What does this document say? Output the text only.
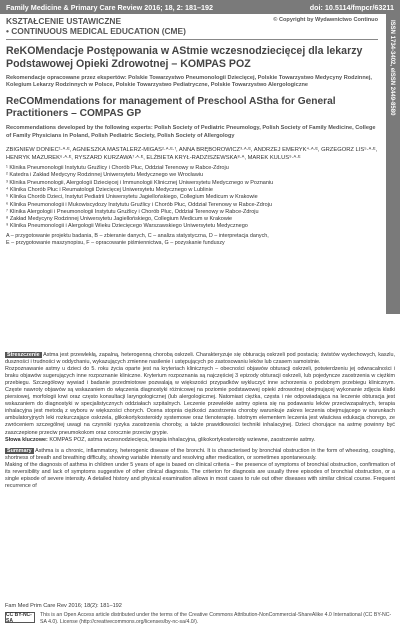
Family Medicine & Primary Care Review 2016; 18, 2: 181–192	doi: 10.5114/fmpcr/63211
ISSN 1734-3402, eISSN 2449-8580
KSZTAŁCENIE USTAWICZNE
• CONTINUOUS MEDICAL EDUCATION (CME)
© Copyright by Wydawnictwo Continuo
ReKOMendacje Postępowania w AStmie wczesnodziecięcej dla lekarzy Podstawowej Opieki Zdrowotnej – KOMPAS POZ
Rekomendacje opracowane przez ekspertów: Polskie Towarzystwo Pneumonologii Dziecięcej, Polskie Towarzystwo Medycyny Rodzinnej, Kolegium Lekarzy Rodzinnych w Polsce, Polskie Towarzystwo Pediatryczne, Polskie Towarzystwo Alergologiczne
ReCOMmendations for management of Preschool AStha for General Practitioners – COMPAS GP
Recommendations developed by the following experts: Polish Society of Pediatric Pneumology, Polish Society of Family Medicine, College of Family Physicians in Poland, Polish Pediatric Society, Polish Society of Allergology
ZBIGNIEW DONIEC¹·ᴬ·ᴱ, AGNIESZKA MASTALERZ-MIGAS²·ᴬ·ᴱ·ᶠ, ANNA BRĘBOROWICZ³·ᴬ·ᴱ, ANDRZEJ EMERYK⁴·ᴬ·ᴱ, GRZEGORZ LIS⁵·ᴬ·ᴱ, HENRYK MAZUREK⁶·ᴬ·ᴱ, RYSZARD KURZAWA⁷·ᴬ·ᴱ, ELŻBIETA KRYŁ-RADZISZEWSKA⁸·ᴬ, MAREK KULUS⁹·ᴬ·ᴱ
¹ Klinika Pneumonologii Instytutu Gruźlicy i Chorób Płuc, Oddział Terenowy w Rabce-Zdroju
² Katedra i Zakład Medycyny Rodzinnej Uniwersytetu Medycznego we Wrocławiu
³ Klinika Pneumonologii, Alergologii Dziecięcej i Immunologii Klinicznej Uniwersytetu Medycznego w Poznaniu
⁴ Klinika Chorób Płuc i Reumatologii Dziecięcej Uniwersytetu Medycznego w Lublinie
⁵ Klinika Chorób Dzieci, Instytut Pediatrii Uniwersytetu Jagiellońskiego, Collegium Medicum w Krakowie
⁶ Klinika Pneumonologii i Mukowiscydozy Instytutu Gruźlicy i Chorób Płuc, Oddział Terenowy w Rabce-Zdroju
⁷ Klinika Alergologii i Pneumonologii Instytutu Gruźlicy i Chorób Płuc, Oddział Terenowy w Rabce-Zdroju
⁸ Zakład Medycyny Rodzinnej Uniwersytetu Jagiellońskiego, Collegium Medicum w Krakowie
⁹ Klinika Pneumonologii i Alergologii Wieku Dziecięcego Warszawskiego Uniwersytetu Medycznego
A – przygotowanie projektu badania, B – zbieranie danych, C – analiza statystyczna, D – interpretacja danych,
E – przygotowanie maszynopisu, F – opracowanie piśmiennictwa, G – pozyskanie funduszy

Streszczenie Astma jest przewlekłą, zapalną, heterogenną chorobą oskrzeli. Charakteryzuje się obturacją oskrzeli pod postacią: świstów wydechowych, kaszlu, duszności i trudności w oddychaniu, wykazujących zmienne nasilenie i ustępujących po zastosowaniu leków lub czasem samoistnie.

Rozpoznawanie astmy u dzieci do 5. roku życia oparte jest na kryteriach klinicznych – obecności objawów obturacji oskrzeli, potwierdzeniu jej odwracalności i braku objawów sugerujących inne rozpoznanie kliniczne. Kryterium rozpoznania są najczęściej 3 epizody obturacji oskrzeli, lub pojedyncze zaostrzenia w ciężkim przebiegu. Szczegółowy wywiad i badanie przedmiotowe pozwalają w większości przypadków wykluczyć inne schorzenia o podobnym przebiegu klinicznym. Częste nawroty objawów są wskazaniem do włączenia diagnostyki różnicowej na poziomie podstawowej opieki zdrowotnej obejmującej wykonanie zdjęcia klatki piersiowej, morfologii krwi oraz często konsultacji laryngologicznej (lub alergologicznej. Natomiast ciężka, częsta i nie odpowiadająca na leczenie obturacja jest wskazaniem do diagnostyki w specjalistycznych oddziałach szpitalnych. Leczenie przewlekłe astmy opiera się na podawaniu leków przeciwzapalnych, terapia inhalacyjna jest metodą z wyboru w większości chorych. Ocena stopnia ciężkości zaostrzenia choroby warunkuje zakres leczenia obejmującego w warunkach ambulatoryjnych leki rozkurczające oskrzela, glikokortykosteroidy systemowe oraz tlenoterapię. Istotnym elementem leczenia jest właściwa edukacja chorego, ze zwróceniem szczególnej uwagi na czynniki ryzyka zaostrzenia choroby, a także prawidłowości techniki inhalacyjnej. Dzieci chorujące na astmę powinny być zaszczepione przeciw pneumokokom oraz corocznie przeciw grypie.

Słowa kluczowe: KOMPAS POZ, astma wczesnodziecięca, terapia inhalacyjna, glikokortykosteroidy wziewne, zaostrzenie astmy.

Summary Asthma is a chronic, inflammatory, heterogenic disease of the bronchi. It is characterised by bronchial obstruction in the form of wheezing, coughing, shortness of breath and breathing difficulty, showing variable intensity and resolving after medication, or sometimes spontaneously.

Making of the diagnosis of asthma in children under 5 years of age is based on clinical criteria – the presence of symptoms of bronchial obstruction, confirmation of its reversibility and lack of symptoms suggestive of other clinical diagnosis. The criterion for diagnosis are usually three episodes of bronchial obstruction, or a single episode of severe intensity. A detailed history and physical examination allows in most cases to rule out other diseases with similar clinical course. Frequent recurrence of

Fam Med Prim Care Rev 2016; 18(2): 181–192
CC BY-NC-SA
This is an Open Access article distributed under the terms of the Creative Commons Attribution-NonCommercial-ShareAlike 4.0 International (CC BY-NC-SA 4.0). License (http://creativecommons.org/licenses/by-nc-sa/4.0/).
